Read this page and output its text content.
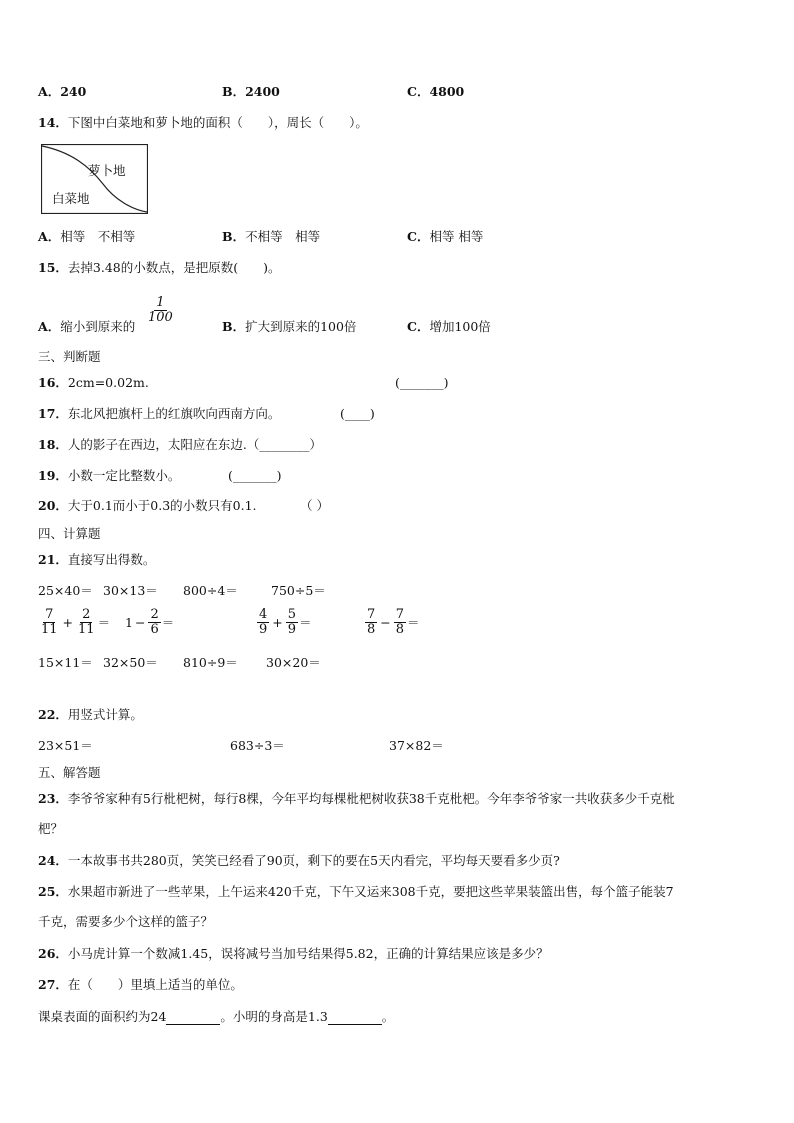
A．240	B．2400	C．4800
14．下图中白菜地和萝卜地的面积（　　），周长（　　）。
萝卜地
白菜地
A．相等　不相等	B．不相等　相等	C．相等 相等
15．去掉3.48的小数点，是把原数(　　)。
A．缩小到原来的
$\frac{1}{100}$
B．扩大到原来的100倍	C．增加100倍
三、判断题
16．2cm=0.02m.	(_______)
17．东北风把旗杆上的红旗吹向西南方向。	(____)
18．人的影子在西边，太阳应在东边.（________）
19．小数一定比整数小。	(_______)
20．大于0.1而小于0.3的小数只有0.1.	（ ）
四、计算题
21．直接写出得数。
25×40＝ 30×13＝ 800÷4＝	750÷5＝
$\frac{7}{11} + \frac{2}{11} = 1 - \frac{2}{6}$ ＝	$\frac{4}{9} + \frac{5}{9}$ ＝	$\frac{7}{8} - \frac{7}{8}$ ＝
15×11＝ 32×50＝ 810÷9＝ 30×20＝
22．用竖式计算。
23×51＝	683÷3＝	37×82＝
五、解答题
23．李爷爷家种有5行枇杷树，每行8棵，今年平均每棵枇杷树收获38千克枇杷。今年李爷爷家一共收获多少千克枇
杷？
24．一本故事书共280页，笑笑已经看了90页，剩下的要在5天内看完，平均每天要看多少页?
25．水果超市新进了一些苹果，上午运来420千克，下午又运来308千克，要把这些苹果装篮出售，每个篮子能装7
千克，需要多少个这样的篮子？
26．小马虎计算一个数减1.45，误将减号当加号结果得5.82，正确的计算结果应该是多少？
27．在（　　）里填上适当的单位。
课桌表面的面积约为24	。小明的身高是1.3	。
